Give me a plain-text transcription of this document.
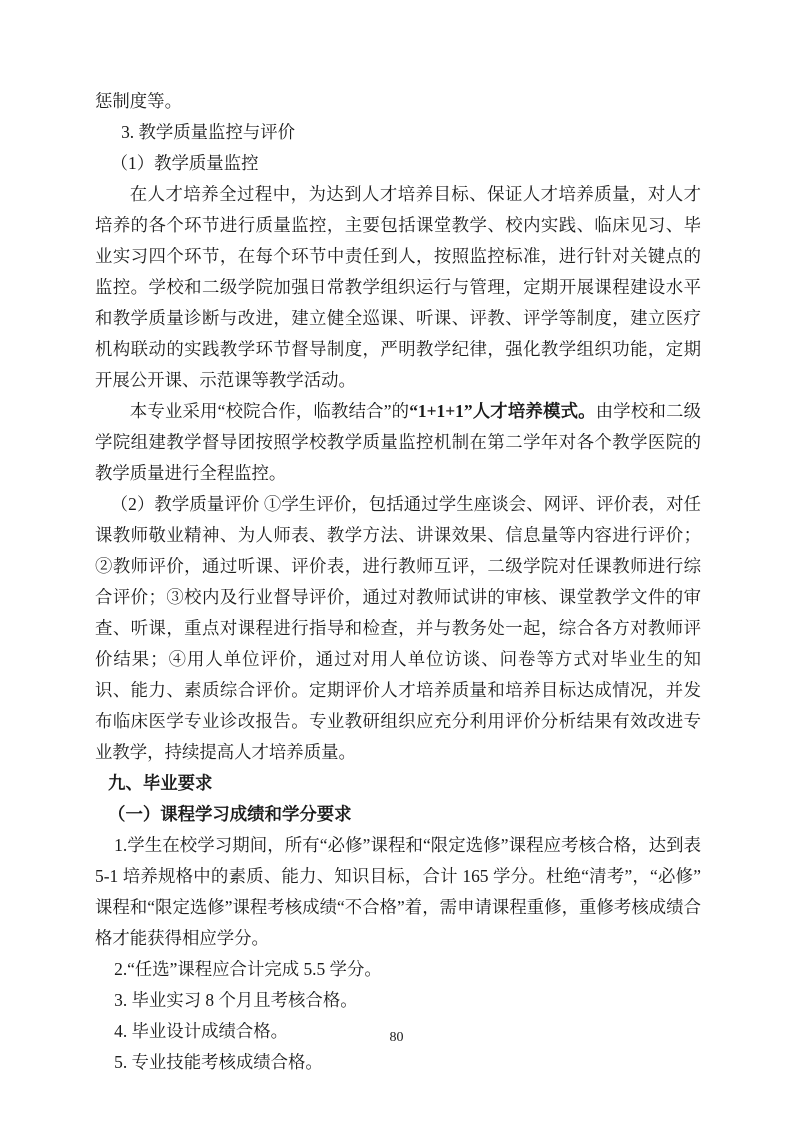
惩制度等。

3. 教学质量监控与评价

（1）教学质量监控

在人才培养全过程中，为达到人才培养目标、保证人才培养质量，对人才培养的各个环节进行质量监控，主要包括课堂教学、校内实践、临床见习、毕业实习四个环节，在每个环节中责任到人，按照监控标准，进行针对关键点的监控。学校和二级学院加强日常教学组织运行与管理，定期开展课程建设水平和教学质量诊断与改进，建立健全巡课、听课、评教、评学等制度，建立医疗机构联动的实践教学环节督导制度，严明教学纪律，强化教学组织功能，定期开展公开课、示范课等教学活动。

本专业采用“校院合作，临教结合”的“1+1+1”人才培养模式。由学校和二级学院组建教学督导团按照学校教学质量监控机制在第二学年对各个教学医院的教学质量进行全程监控。

（2）教学质量评价 ①学生评价，包括通过学生座谈会、网评、评价表，对任课教师敬业精神、为人师表、教学方法、讲课效果、信息量等内容进行评价；②教师评价，通过听课、评价表，进行教师互评，二级学院对任课教师进行综合评价；③校内及行业督导评价，通过对教师试讲的审核、课堂教学文件的审查、听课，重点对课程进行指导和检查，并与教务处一起，综合各方对教师评价结果；④用人单位评价，通过对用人单位访谈、问卷等方式对毕业生的知识、能力、素质综合评价。定期评价人才培养质量和培养目标达成情况，并发布临床医学专业诊改报告。专业教研组织应充分利用评价分析结果有效改进专业教学，持续提高人才培养质量。

九、毕业要求

（一）课程学习成绩和学分要求

1.学生在校学习期间，所有“必修”课程和“限定选修”课程应考核合格，达到表 5-1 培养规格中的素质、能力、知识目标，合计 165 学分。杜绝“清考”，“必修”课程和“限定选修”课程考核成绩“不合格”着，需申请课程重修，重修考核成绩合格才能获得相应学分。

2.“任选”课程应合计完成 5.5 学分。

3. 毕业实习 8 个月且考核合格。

4. 毕业设计成绩合格。

5. 专业技能考核成绩合格。

80
